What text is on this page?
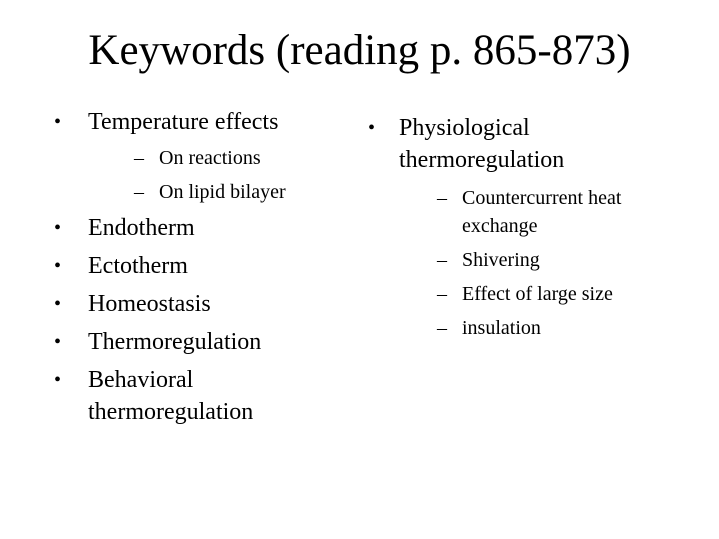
Keywords (reading p. 865-873)
• Temperature effects
– On reactions
– On lipid bilayer
• Endotherm
• Ectotherm
• Homeostasis
• Thermoregulation
• Behavioral thermoregulation
• Physiological thermoregulation
– Countercurrent heat exchange
– Shivering
– Effect of large size
– insulation
